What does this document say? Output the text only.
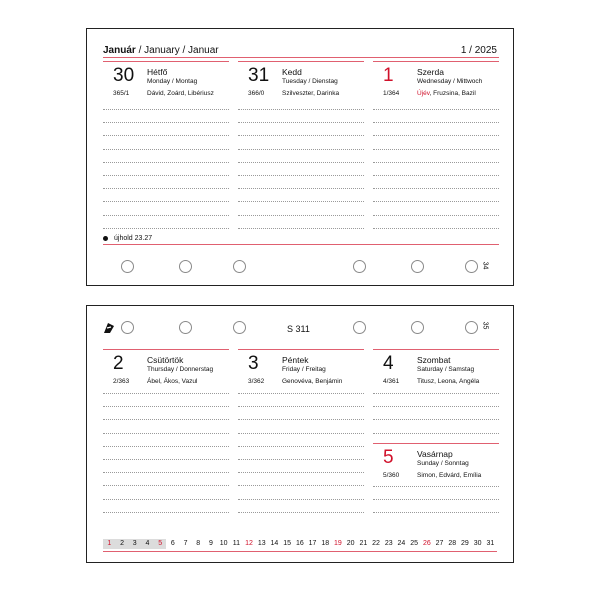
Január / January / Januar	1 / 2025
30 Hétfő
Monday / Montag
365/1	Dávid, Zoárd, Libériusz
31 Kedd
Tuesday / Dienstag
366/0	Szilveszter, Darinka
1	Szerda
Wednesday / Mittwoch
1/364	Újév, Fruzsina, Bazil
újhold 23.27
34
S 311	35
2	Csütörtök
Thursday / Donnerstag
2/363	Ábel, Ákos, Vazul
3	Péntek
Friday / Freitag
3/362	Genovéva, Benjámin
4	Szombat
Saturday / Samstag
4/361	Titusz, Leona, Angéla
5	Vasárnap
Sunday / Sonntag
5/360	Simon, Edvárd, Emília
1	2	3	4	5	6	7	8	9 10 11 12 13 14 15 16 17 18 19 20 21 22 23 24 25 26 27 28 29 30 31
